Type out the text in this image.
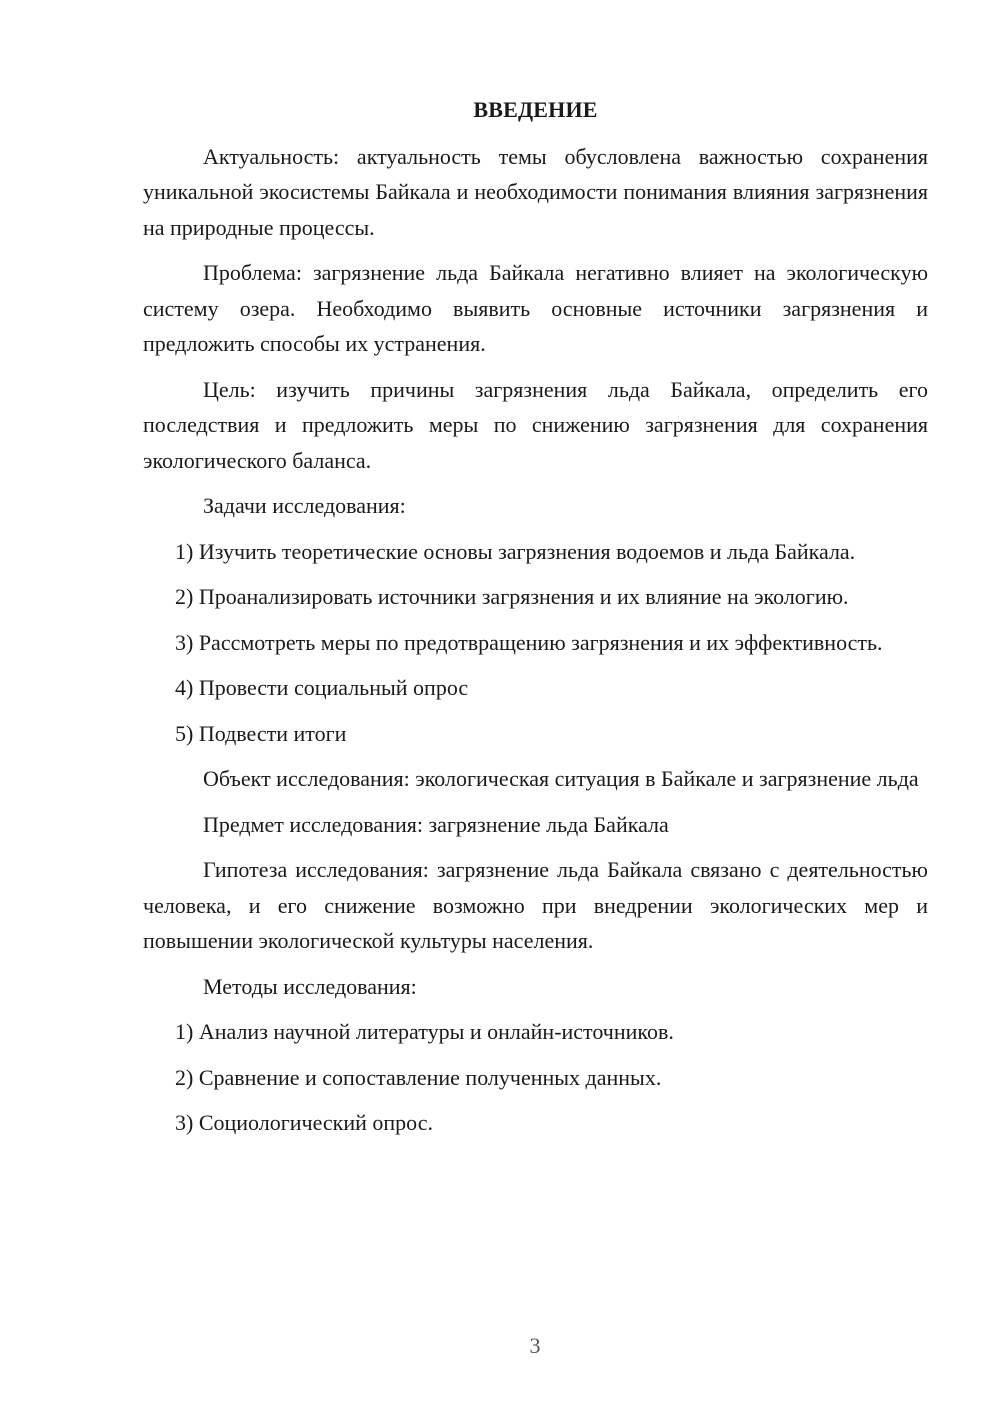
ВВЕДЕНИЕ

Актуальность: актуальность темы обусловлена важностью сохранения уникальной экосистемы Байкала и необходимости понимания влияния загрязнения на природные процессы.

Проблема: загрязнение льда Байкала негативно влияет на экологическую систему озера. Необходимо выявить основные источники загрязнения и предложить способы их устранения.

Цель: изучить причины загрязнения льда Байкала, определить его последствия и предложить меры по снижению загрязнения для сохранения экологического баланса.

Задачи исследования:

1) Изучить теоретические основы загрязнения водоемов и льда Байкала.

2) Проанализировать источники загрязнения и их влияние на экологию.

3) Рассмотреть меры по предотвращению загрязнения и их эффективность.

4) Провести социальный опрос

5) Подвести итоги

Объект исследования: экологическая ситуация в Байкале и загрязнение льда

Предмет исследования: загрязнение льда Байкала

Гипотеза исследования: загрязнение льда Байкала связано с деятельностью человека, и его снижение возможно при внедрении экологических мер и повышении экологической культуры населения.

Методы исследования:

1) Анализ научной литературы и онлайн-источников.

2) Сравнение и сопоставление полученных данных.

3) Социологический опрос.

3
